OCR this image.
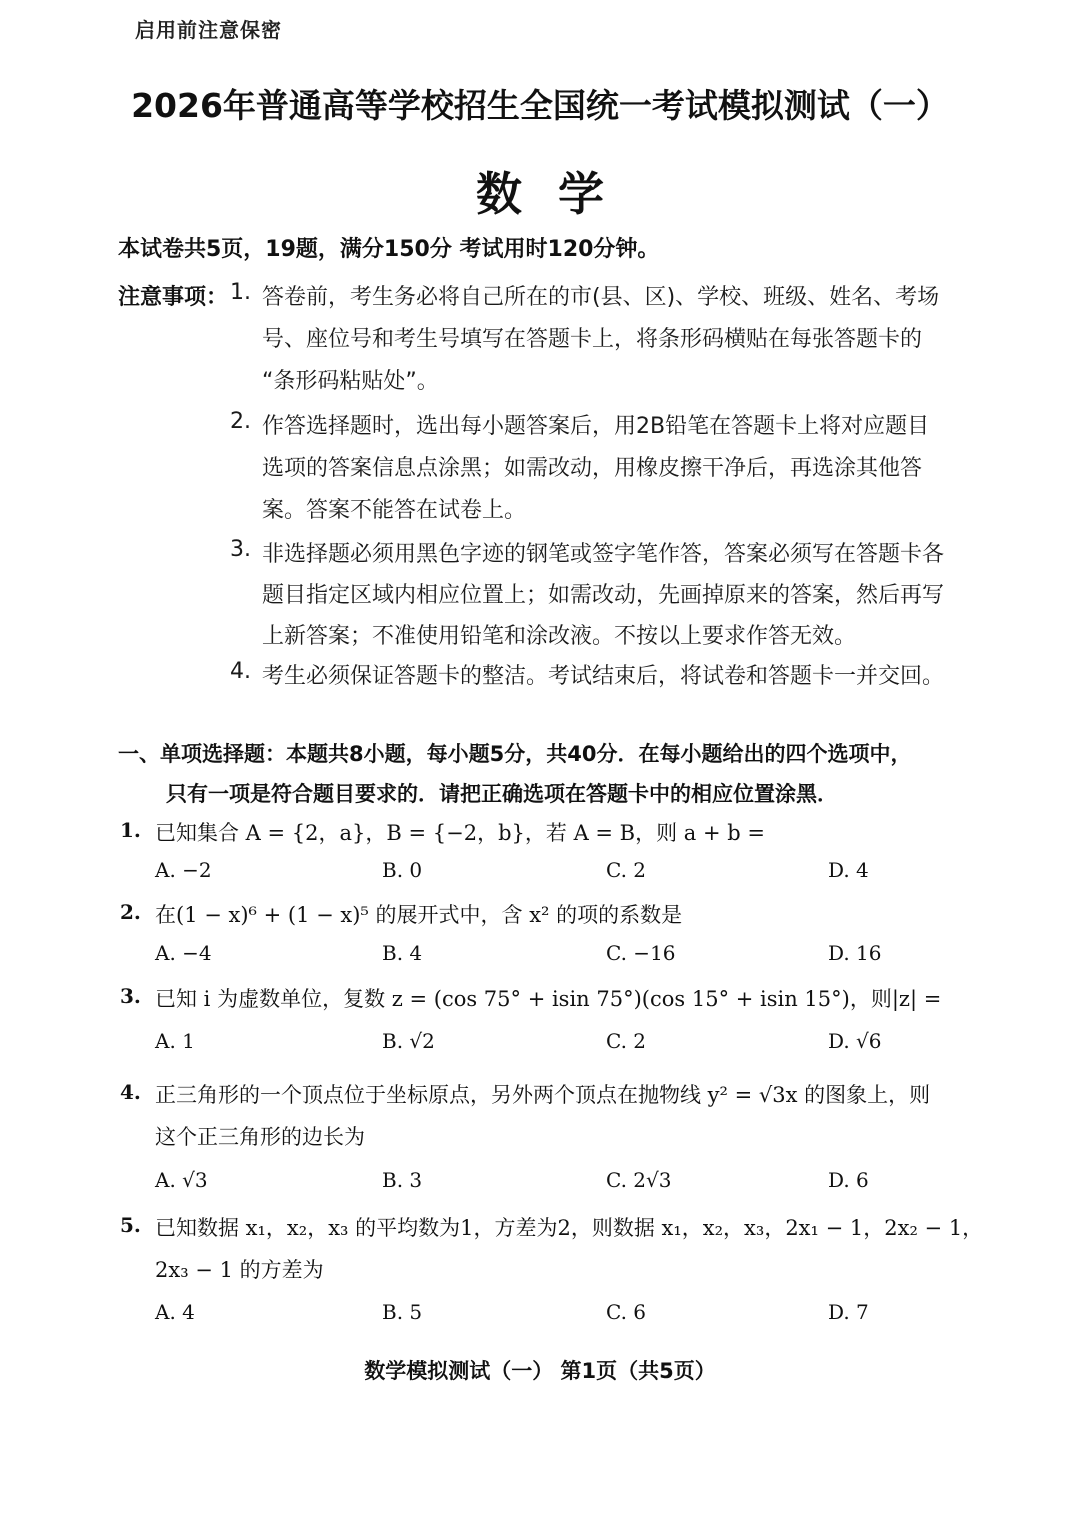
启用前注意保密
2026年普通高等学校招生全国统一考试模拟测试（一）
数学
本试卷共5页，19题，满分150分 考试用时120分钟。
注意事项： 1. 答卷前，考生务必将自己所在的市(县、区)、学校、班级、姓名、考场
号、座位号和考生号填写在答题卡上，将条形码横贴在每张答题卡的
“条形码粘贴处”。
2. 作答选择题时，选出每小题答案后，用2B铅笔在答题卡上将对应题目
选项的答案信息点涂黑；如需改动，用橡皮擦干净后，再选涂其他答
案。答案不能答在试卷上。
3. 非选择题必须用黑色字迹的钢笔或签字笔作答，答案必须写在答题卡各
题目指定区域内相应位置上；如需改动，先画掉原来的答案，然后再写
上新答案；不准使用铅笔和涂改液。不按以上要求作答无效。
4. 考生必须保证答题卡的整洁。考试结束后，将试卷和答题卡一并交回。
一、单项选择题：本题共8小题，每小题5分，共40分．在每小题给出的四个选项中，
只有一项是符合题目要求的．请把正确选项在答题卡中的相应位置涂黑．
1. 已知集合 A = {2，a}，B = {−2，b}，若 A = B，则 a + b =
A. −2	B. 0	C. 2	D. 4
2. 在(1 − x)⁶ + (1 − x)⁵ 的展开式中，含 x² 的项的系数是
A. −4	B. 4	C. −16	D. 16
3. 已知 i 为虚数单位，复数 z = (cos 75° + isin 75°)(cos 15° + isin 15°)，则|z| =
A. 1	B. √2	C. 2	D. √6
4. 正三角形的一个顶点位于坐标原点，另外两个顶点在抛物线 y² = √3x 的图象上，则
这个正三角形的边长为
A. √3	B. 3	C. 2√3	D. 6
5. 已知数据 x₁，x₂，x₃ 的平均数为1，方差为2，则数据 x₁，x₂，x₃，2x₁ − 1，2x₂ − 1，
2x₃ − 1 的方差为
A. 4	B. 5	C. 6	D. 7
数学模拟测试（一） 第1页（共5页）
